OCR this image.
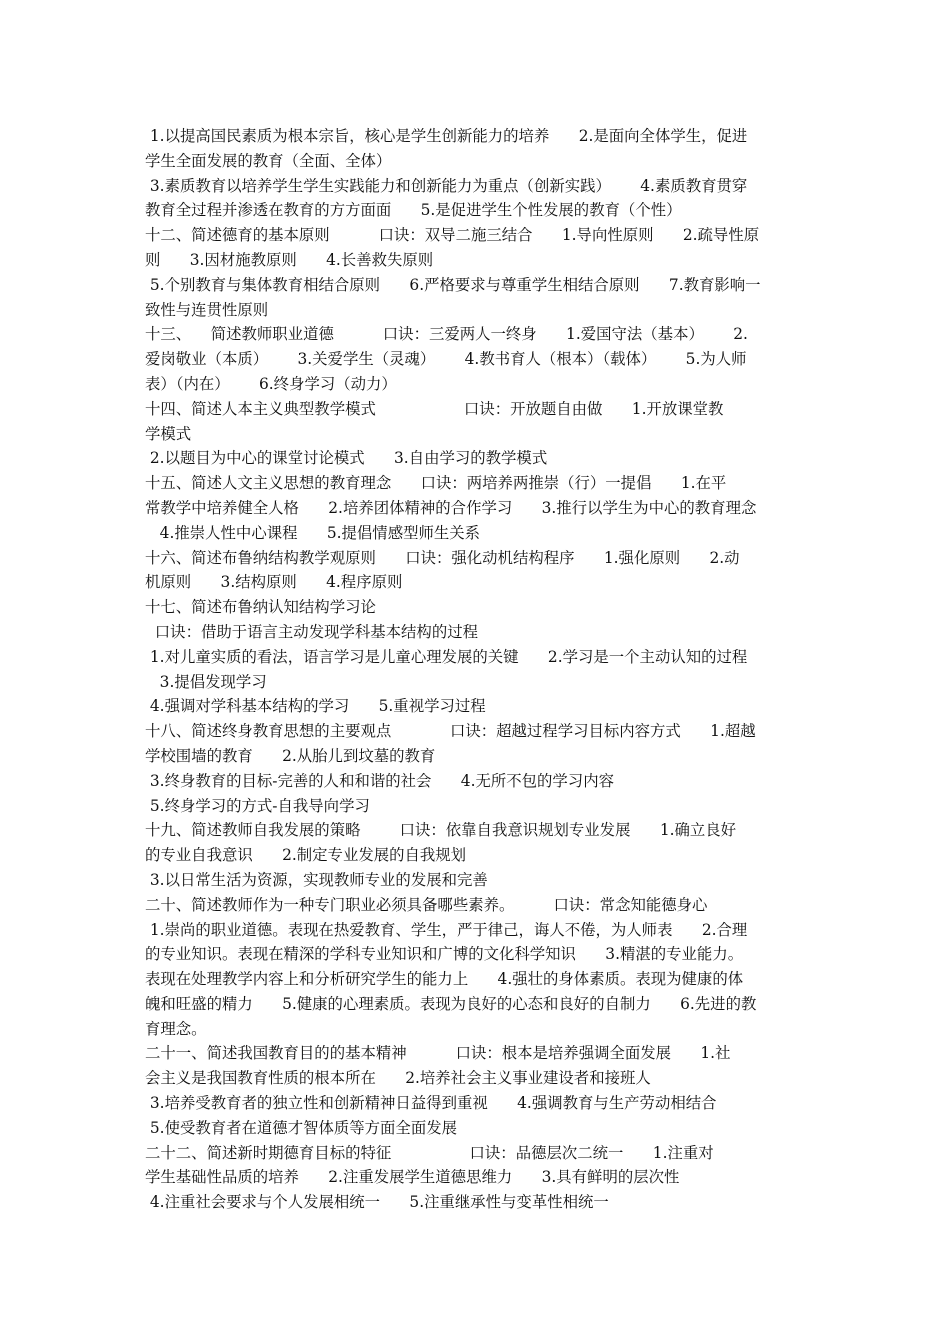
1.以提高国民素质为根本宗旨，核心是学生创新能力的培养      2.是面向全体学生，促进
学生全面发展的教育（全面、全体）
3.素质教育以培养学生学生实践能力和创新能力为重点（创新实践）      4.素质教育贯穿
教育全过程并渗透在教育的方方面面      5.是促进学生个性发展的教育（个性）
十二、简述德育的基本原则          口诀：双导二施三结合      1.导向性原则      2.疏导性原
则      3.因材施教原则      4.长善救失原则
5.个别教育与集体教育相结合原则      6.严格要求与尊重学生相结合原则      7.教育影响一
致性与连贯性原则
十三、    简述教师职业道德          口诀：三爱两人一终身      1.爱国守法（基本）      2.
爱岗敬业（本质）      3.关爱学生（灵魂）      4.教书育人（根本）（载体）      5.为人师
表）（内在）      6.终身学习（动力）
十四、简述人本主义典型教学模式                  口诀：开放题自由做      1.开放课堂教
学模式
2.以题目为中心的课堂讨论模式      3.自由学习的教学模式
十五、简述人文主义思想的教育理念      口诀：两培养两推崇（行）一提倡      1.在平
常教学中培养健全人格      2.培养团体精神的合作学习      3.推行以学生为中心的教育理念
4.推崇人性中心课程      5.提倡情感型师生关系
十六、简述布鲁纳结构教学观原则      口诀：强化动机结构程序      1.强化原则      2.动
机原则      3.结构原则      4.程序原则
十七、简述布鲁纳认知结构学习论
口诀：借助于语言主动发现学科基本结构的过程
1.对儿童实质的看法，语言学习是儿童心理发展的关键      2.学习是一个主动认知的过程
3.提倡发现学习
4.强调对学科基本结构的学习      5.重视学习过程
十八、简述终身教育思想的主要观点            口诀：超越过程学习目标内容方式      1.超越
学校围墙的教育      2.从胎儿到坟墓的教育
3.终身教育的目标-完善的人和和谐的社会      4.无所不包的学习内容
5.终身学习的方式-自我导向学习
十九、简述教师自我发展的策略        口诀：依靠自我意识规划专业发展      1.确立良好
的专业自我意识      2.制定专业发展的自我规划
3.以日常生活为资源，实现教师专业的发展和完善
二十、简述教师作为一种专门职业必须具备哪些素养。        口诀：常念知能德身心
1.崇尚的职业道德。表现在热爱教育、学生，严于律己，诲人不倦，为人师表      2.合理
的专业知识。表现在精深的学科专业知识和广博的文化科学知识      3.精湛的专业能力。
表现在处理教学内容上和分析研究学生的能力上      4.强壮的身体素质。表现为健康的体
魄和旺盛的精力      5.健康的心理素质。表现为良好的心态和良好的自制力      6.先进的教
育理念。
二十一、简述我国教育目的的基本精神          口诀：根本是培养强调全面发展      1.社
会主义是我国教育性质的根本所在      2.培养社会主义事业建设者和接班人
3.培养受教育者的独立性和创新精神日益得到重视      4.强调教育与生产劳动相结合
5.使受教育者在道德才智体质等方面全面发展
二十二、简述新时期德育目标的特征                口诀：品德层次二统一      1.注重对
学生基础性品质的培养      2.注重发展学生道德思维力      3.具有鲜明的层次性
4.注重社会要求与个人发展相统一      5.注重继承性与变革性相统一
